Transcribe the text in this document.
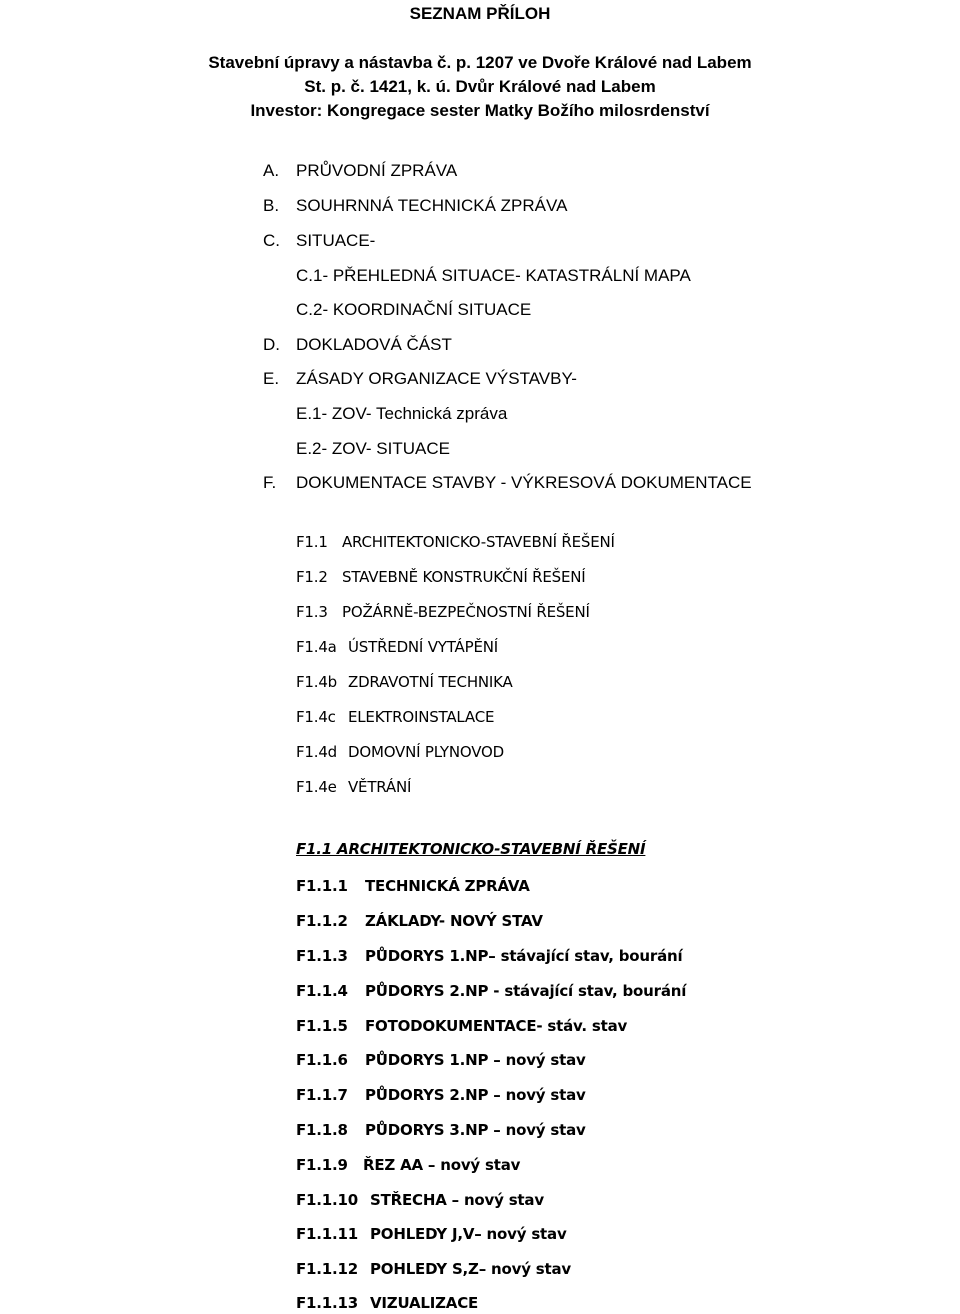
SEZNAM PŘÍLOH
Stavební úpravy a nástavba č. p. 1207 ve Dvoře Králové nad Labem
St. p. č. 1421, k. ú. Dvůr Králové nad Labem
Investor: Kongregace sester Matky Božího milosrdenství
A. PRŮVODNÍ ZPRÁVA
B. SOUHRNNÁ TECHNICKÁ ZPRÁVA
C. SITUACE-
C.1- PŘEHLEDNÁ SITUACE- KATASTRÁLNÍ MAPA
C.2- KOORDINAČNÍ SITUACE
D. DOKLADOVÁ ČÁST
E. ZÁSADY ORGANIZACE VÝSTAVBY-
E.1- ZOV- Technická zpráva
E.2- ZOV- SITUACE
F. DOKUMENTACE STAVBY - VÝKRESOVÁ DOKUMENTACE
F1.1 ARCHITEKTONICKO-STAVEBNÍ ŘEŠENÍ
F1.2 STAVEBNĚ KONSTRUKČNÍ ŘEŠENÍ
F1.3 POŽÁRNĚ-BEZPEČNOSTNÍ ŘEŠENÍ
F1.4a ÚSTŘEDNÍ VYTÁPĚNÍ
F1.4b ZDRAVOTNÍ TECHNIKA
F1.4c ELEKTROINSTALACE
F1.4d DOMOVNÍ PLYNOVOD
F1.4e VĚTRÁNÍ
F1.1 ARCHITEKTONICKO-STAVEBNÍ ŘEŠENÍ
F1.1.1 TECHNICKÁ ZPRÁVA
F1.1.2 ZÁKLADY- NOVÝ STAV
F1.1.3 PŮDORYS 1.NP– stávající stav, bourání
F1.1.4 PŮDORYS 2.NP - stávající stav, bourání
F1.1.5 FOTODOKUMENTACE- stáv. stav
F1.1.6 PŮDORYS 1.NP – nový stav
F1.1.7 PŮDORYS 2.NP – nový stav
F1.1.8 PŮDORYS 3.NP – nový stav
F1.1.9 ŘEZ AA – nový stav
F1.1.10 STŘECHA – nový stav
F1.1.11 POHLEDY J,V– nový stav
F1.1.12 POHLEDY S,Z– nový stav
F1.1.13 VIZUALIZACE
